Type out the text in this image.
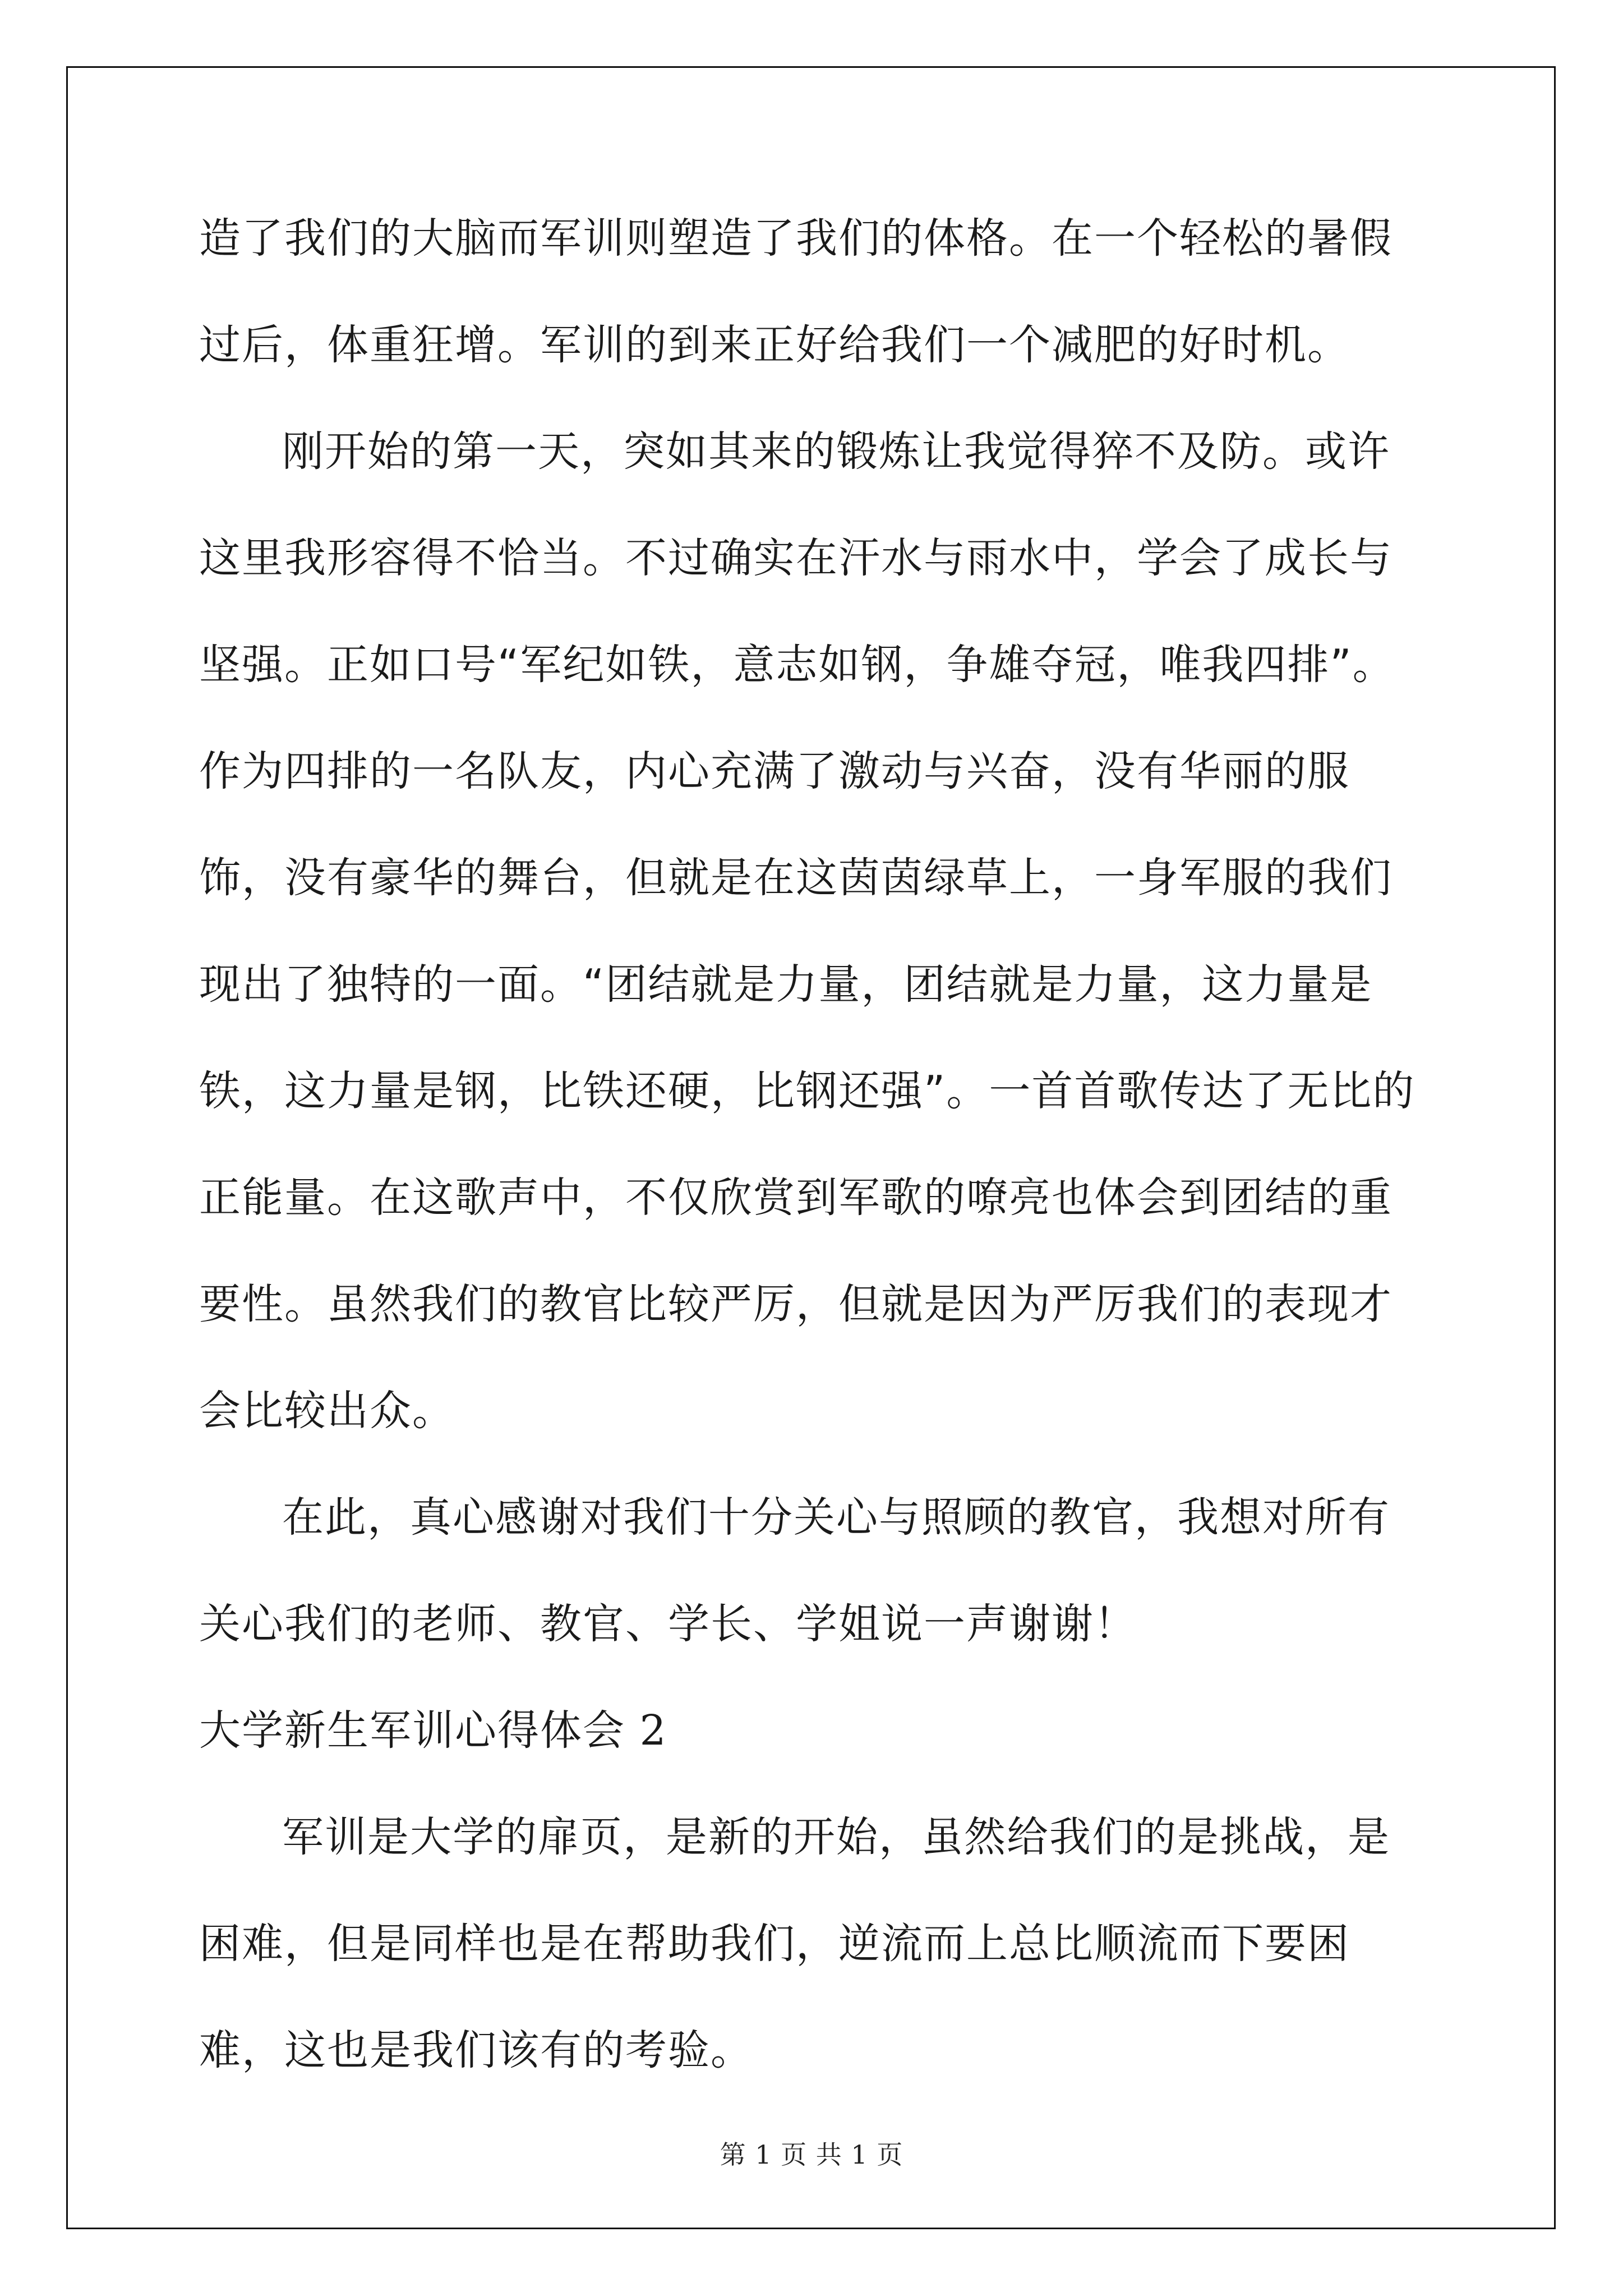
造了我们的大脑而军训则塑造了我们的体格。在一个轻松的暑假过后，体重狂增。军训的到来正好给我们一个减肥的好时机。

刚开始的第一天，突如其来的锻炼让我觉得猝不及防。或许这里我形容得不恰当。不过确实在汗水与雨水中，学会了成长与坚强。正如口号“军纪如铁，意志如钢，争雄夺冠，唯我四排”。作为四排的一名队友，内心充满了激动与兴奋，没有华丽的服饰，没有豪华的舞台，但就是在这茵茵绿草上，一身军服的我们现出了独特的一面。“团结就是力量，团结就是力量，这力量是铁，这力量是钢，比铁还硬，比钢还强”。一首首歌传达了无比的正能量。在这歌声中，不仅欣赏到军歌的嘹亮也体会到团结的重要性。虽然我们的教官比较严厉，但就是因为严厉我们的表现才会比较出众。

在此，真心感谢对我们十分关心与照顾的教官，我想对所有关心我们的老师、教官、学长、学姐说一声谢谢！

大学新生军训心得体会 2

军训是大学的扉页，是新的开始，虽然给我们的是挑战，是困难，但是同样也是在帮助我们，逆流而上总比顺流而下要困难，这也是我们该有的考验。

第 1 页 共 1 页
